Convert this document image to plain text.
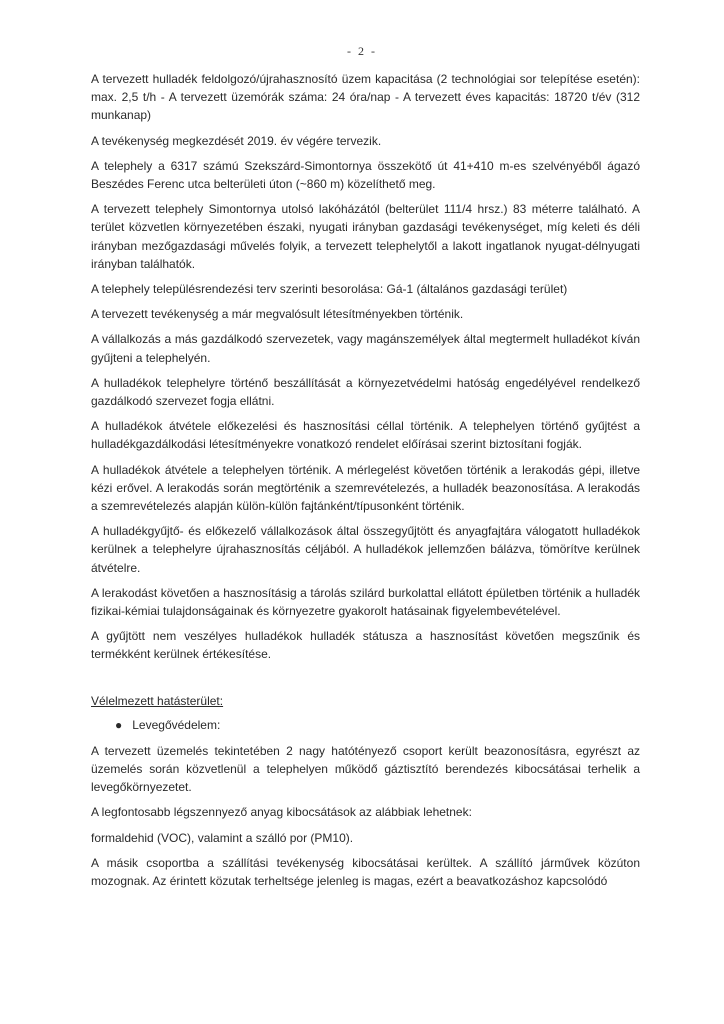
- 2 -

A tervezett hulladék feldolgozó/újrahasznosító üzem kapacitása (2 technológiai sor telepítése esetén): max. 2,5 t/h - A tervezett üzemórák száma: 24 óra/nap - A tervezett éves kapacitás: 18720 t/év (312 munkanap)

A tevékenység megkezdését 2019. év végére tervezik.

A telephely a 6317 számú Szekszárd-Simontornya összekötő út 41+410 m-es szelvényéből ágazó Beszédes Ferenc utca belterületi úton (~860 m) közelíthető meg.

A tervezett telephely Simontornya utolsó lakóházától (belterület 111/4 hrsz.) 83 méterre található. A terület közvetlen környezetében északi, nyugati irányban gazdasági tevékenységet, míg keleti és déli irányban mezőgazdasági művelés folyik, a tervezett telephelytől a lakott ingatlanok nyugat-délnyugati irányban találhatók.

A telephely településrendezési terv szerinti besorolása: Gá-1 (általános gazdasági terület)

A tervezett tevékenység a már megvalósult létesítményekben történik.

A vállalkozás a más gazdálkodó szervezetek, vagy magánszemélyek által megtermelt hulladékot kíván gyűjteni a telephelyén.

A hulladékok telephelyre történő beszállítását a környezetvédelmi hatóság engedélyével rendelkező gazdálkodó szervezet fogja ellátni.

A hulladékok átvétele előkezelési és hasznosítási céllal történik. A telephelyen történő gyűjtést a hulladékgazdálkodási létesítményekre vonatkozó rendelet előírásai szerint biztosítani fogják.

A hulladékok átvétele a telephelyen történik. A mérlegelést követően történik a lerakodás gépi, illetve kézi erővel. A lerakodás során megtörténik a szemrevételezés, a hulladék beazonosítása. A lerakodás a szemrevételezés alapján külön-külön fajtánként/típusonként történik.

A hulladékgyűjtő- és előkezelő vállalkozások által összegyűjtött és anyagfajtára válogatott hulladékok kerülnek a telephelyre újrahasznosítás céljából. A hulladékok jellemzően bálázva, tömörítve kerülnek átvételre.

A lerakodást követően a hasznosításig a tárolás szilárd burkolattal ellátott épületben történik a hulladék fizikai-kémiai tulajdonságainak és környezetre gyakorolt hatásainak figyelembevételével.

A gyűjtött nem veszélyes hulladékok hulladék státusza a hasznosítást követően megszűnik és termékként kerülnek értékesítése.

Vélelmezett hatásterület:
● Levegővédelem:

A tervezett üzemelés tekintetében 2 nagy hatótényező csoport került beazonosításra, egyrészt az üzemelés során közvetlenül a telephelyen működő gáztisztító berendezés kibocsátásai terhelik a levegőkörnyezetet.

A legfontosabb légszennyező anyag kibocsátások az alábbiak lehetnek:

formaldehid (VOC), valamint a szálló por (PM10).

A másik csoportba a szállítási tevékenység kibocsátásai kerültek. A szállító járművek közúton mozognak. Az érintett közutak terheltsége jelenleg is magas, ezért a beavatkozáshoz kapcsolódó
